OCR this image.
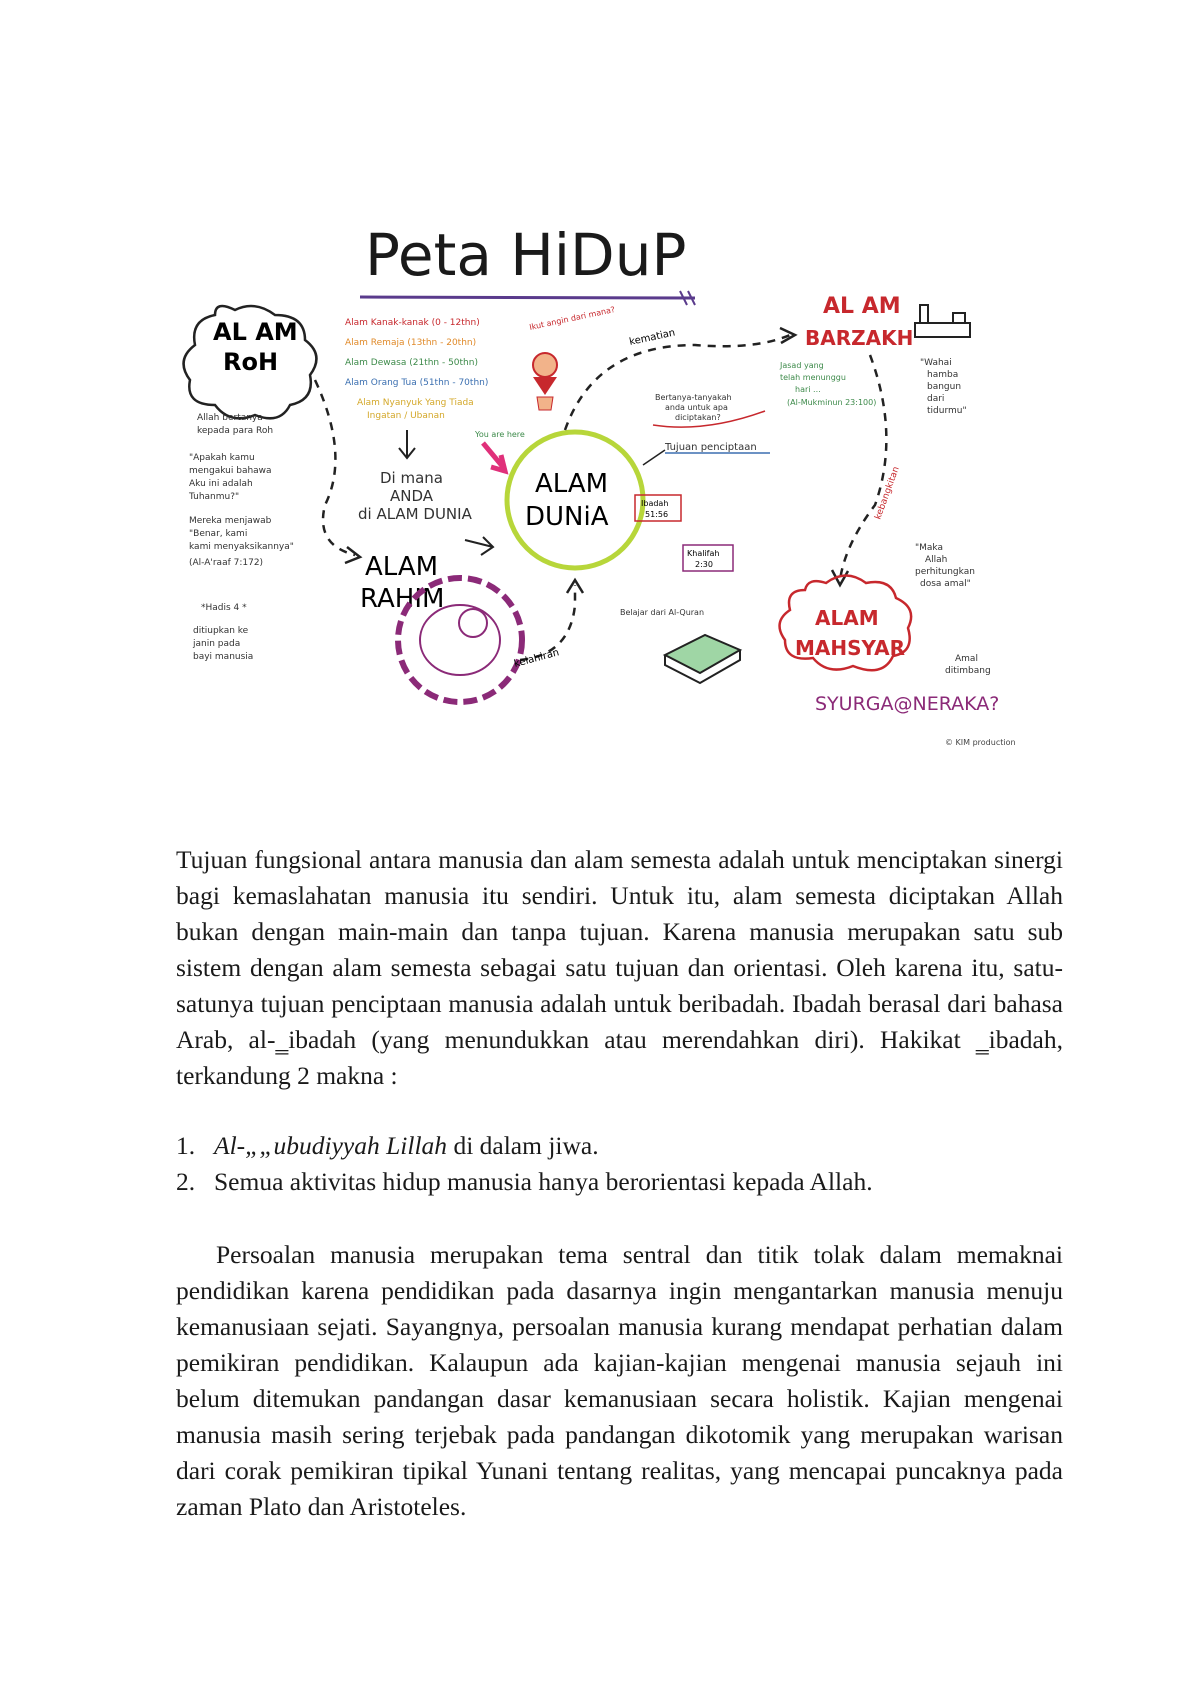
Peta HiDuP
AL AM
RoH
Allah bertanya
kepada para Roh
"Apakah kamu
mengakui bahawa
Aku ini adalah
Tuhanmu?"
Mereka menjawab
"Benar, kami
kami menyaksikannya"
(Al-A'raaf 7:172)
*Hadis 4 *
ditiupkan ke
janin pada
bayi manusia
Alam Kanak-kanak (0 - 12thn)
Alam Remaja (13thn - 20thn)
Alam Dewasa (21thn - 50thn)
Alam Orang Tua (51thn - 70thn)
Alam Nyanyuk Yang Tiada
Ingatan / Ubanan
Di mana
ANDA
di ALAM DUNIA
You are here
ALAM
DUNiA
Ikut angin dari mana?
ALAM
RAHIM
kelahiran
kematian
AL AM
BARZAKH
Jasad yang
telah menunggu
hari ...
(Al-Mukminun 23:100)
"Wahai
hamba
bangun
dari
tidurmu"
kebangkitan
Bertanya-tanyakah
anda untuk apa
diciptakan?
Tujuan penciptaan
Ibadah
51:56
Khalifah
2:30
Belajar dari Al-Quran	ALAM
MAHSYAR
"Maka
Allah
perhitungkan
dosa amal"
Amal
ditimbang
SYURGA@NERAKA?
© KIM production

Tujuan fungsional antara manusia dan alam semesta adalah untuk menciptakan sinergi bagi kemaslahatan manusia itu sendiri. Untuk itu, alam semesta diciptakan Allah bukan dengan main-main dan tanpa tujuan. Karena manusia merupakan satu sub sistem dengan alam semesta sebagai satu tujuan dan orientasi. Oleh karena itu, satu-satunya tujuan penciptaan manusia adalah untuk beribadah. Ibadah berasal dari bahasa Arab, al-‗ibadah (yang menundukkan atau merendahkan diri). Hakikat ‗ibadah, terkandung 2 makna :

1. Al-„„ubudiyyah Lillah di dalam jiwa.
2. Semua aktivitas hidup manusia hanya berorientasi kepada Allah.

Persoalan manusia merupakan tema sentral dan titik tolak dalam memaknai pendidikan karena pendidikan pada dasarnya ingin mengantarkan manusia menuju kemanusiaan sejati. Sayangnya, persoalan manusia kurang mendapat perhatian dalam pemikiran pendidikan. Kalaupun ada kajian-kajian mengenai manusia sejauh ini belum ditemukan pandangan dasar kemanusiaan secara holistik. Kajian mengenai manusia masih sering terjebak pada pandangan dikotomik yang merupakan warisan dari corak pemikiran tipikal Yunani tentang realitas, yang mencapai puncaknya pada zaman Plato dan Aristoteles.
